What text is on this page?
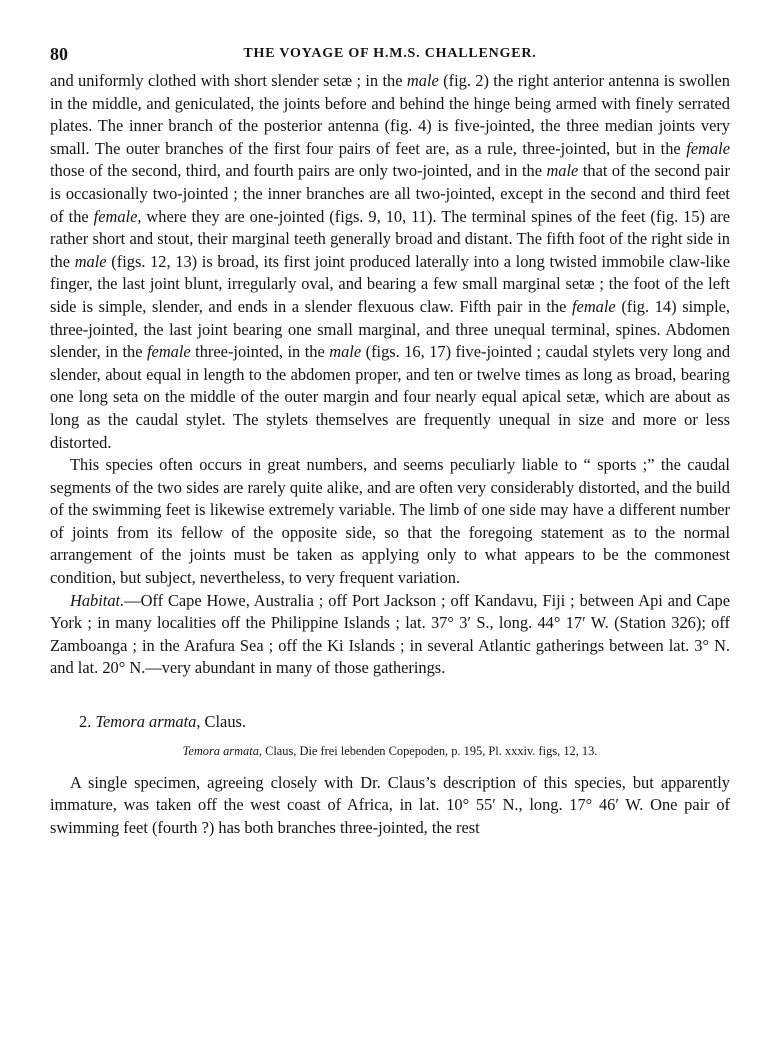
80	THE VOYAGE OF H.M.S. CHALLENGER.

and uniformly clothed with short slender setæ ; in the male (fig. 2) the right anterior antenna is swollen in the middle, and geniculated, the joints before and behind the hinge being armed with finely serrated plates. The inner branch of the posterior antenna (fig. 4) is five-jointed, the three median joints very small. The outer branches of the first four pairs of feet are, as a rule, three-jointed, but in the female those of the second, third, and fourth pairs are only two-jointed, and in the male that of the second pair is occasionally two-jointed ; the inner branches are all two-jointed, except in the second and third feet of the female, where they are one-jointed (figs. 9, 10, 11). The terminal spines of the feet (fig. 15) are rather short and stout, their marginal teeth generally broad and distant. The fifth foot of the right side in the male (figs. 12, 13) is broad, its first joint produced laterally into a long twisted immobile claw-like finger, the last joint blunt, irregularly oval, and bearing a few small marginal setæ ; the foot of the left side is simple, slender, and ends in a slender flexuous claw. Fifth pair in the female (fig. 14) simple, three-jointed, the last joint bearing one small marginal, and three unequal terminal, spines. Abdomen slender, in the female three-jointed, in the male (figs. 16, 17) five-jointed ; caudal stylets very long and slender, about equal in length to the abdomen proper, and ten or twelve times as long as broad, bearing one long seta on the middle of the outer margin and four nearly equal apical setæ, which are about as long as the caudal stylet. The stylets themselves are frequently unequal in size and more or less distorted.

This species often occurs in great numbers, and seems peculiarly liable to “ sports ;” the caudal segments of the two sides are rarely quite alike, and are often very considerably distorted, and the build of the swimming feet is likewise extremely variable. The limb of one side may have a different number of joints from its fellow of the opposite side, so that the foregoing statement as to the normal arrangement of the joints must be taken as applying only to what appears to be the commonest condition, but subject, nevertheless, to very frequent variation.

Habitat.—Off Cape Howe, Australia ; off Port Jackson ; off Kandavu, Fiji ; between Api and Cape York ; in many localities off the Philippine Islands ; lat. 37° 3′ S., long. 44° 17′ W. (Station 326); off Zamboanga ; in the Arafura Sea ; off the Ki Islands ; in several Atlantic gatherings between lat. 3° N. and lat. 20° N.—very abundant in many of those gatherings.

2. Temora armata, Claus.

Temora armata, Claus, Die frei lebenden Copepoden, p. 195, Pl. xxxiv. figs, 12, 13.

A single specimen, agreeing closely with Dr. Claus’s description of this species, but apparently immature, was taken off the west coast of Africa, in lat. 10° 55′ N., long. 17° 46′ W. One pair of swimming feet (fourth ?) has both branches three-jointed, the rest
